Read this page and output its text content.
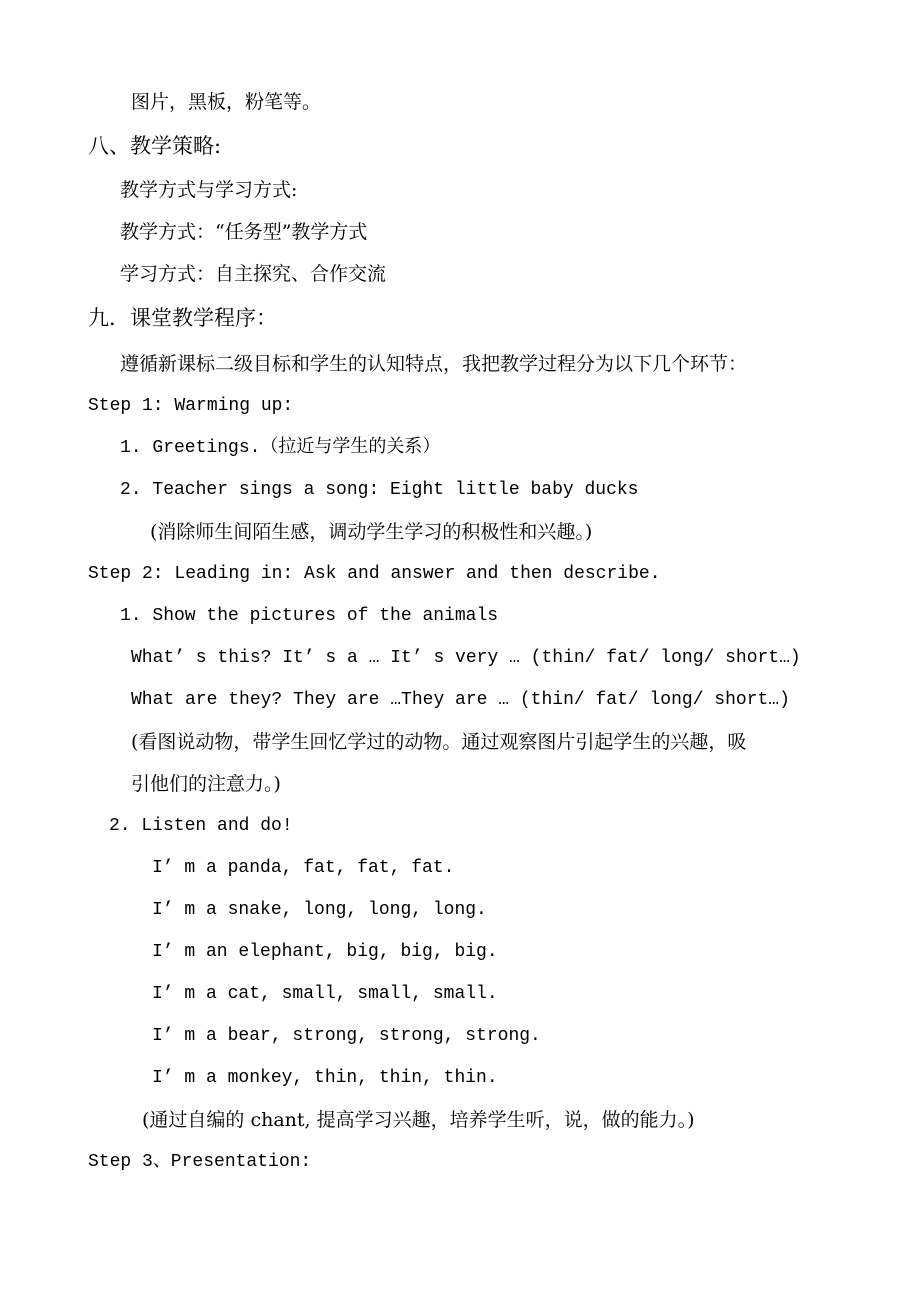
图片，黑板，粉笔等。
八、教学策略:
教学方式与学习方式:
教学方式：“任务型”教学方式
学习方式：自主探究、合作交流
九．课堂教学程序：
遵循新课标二级目标和学生的认知特点，我把教学过程分为以下几个环节：
Step 1: Warming up:
1. Greetings.（拉近与学生的关系）
2. Teacher sings a song: Eight little baby ducks
(消除师生间陌生感，调动学生学习的积极性和兴趣。)
Step 2: Leading in: Ask and answer and then describe.
1. Show the pictures of the animals
What’ s this? It’ s a … It’ s very … (thin/ fat/ long/ short…)
What are they? They are …They are … (thin/ fat/ long/ short…)
(看图说动物，带学生回忆学过的动物。通过观察图片引起学生的兴趣，吸
引他们的注意力。)
2. Listen and do!
I’ m a panda, fat, fat, fat.
I’ m a snake, long, long, long.
I’ m an elephant, big, big, big.
I’ m a cat, small, small, small.
I’ m a bear, strong, strong, strong.
I’ m a monkey, thin, thin, thin.
(通过自编的 chant, 提高学习兴趣，培养学生听，说，做的能力。)
Step 3、Presentation:
